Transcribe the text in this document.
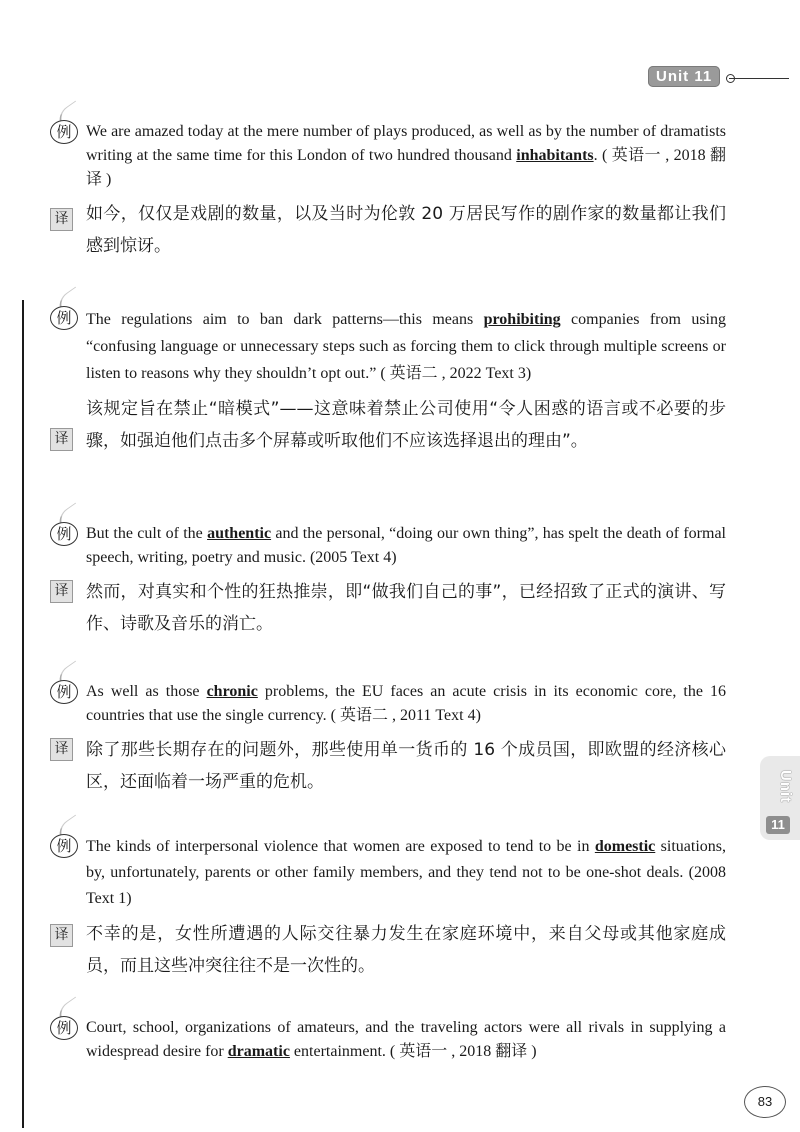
Unit 11
Unit
11
例 We are amazed today at the mere number of plays produced, as well as by the number of dramatists writing at the same time for this London of two hundred thousand inhabitants. ( 英语一 , 2018 翻译 )
译 如今，仅仅是戏剧的数量，以及当时为伦敦 20 万居民写作的剧作家的数量都让我们感到惊讶。
例 The regulations aim to ban dark patterns—this means prohibiting companies from using “confusing language or unnecessary steps such as forcing them to click through multiple screens or listen to reasons why they shouldn’t opt out.” ( 英语二 , 2022 Text 3)
译
该规定旨在禁止“暗模式”——这意味着禁止公司使用“令人困惑的语言或不必要的步骤，如强迫他们点击多个屏幕或听取他们不应该选择退出的理由”。
例 But the cult of the authentic and the personal, “doing our own thing”, has spelt the death of formal speech, writing, poetry and music. (2005 Text 4)
译 然而，对真实和个性的狂热推崇，即“做我们自己的事”，已经招致了正式的演讲、写作、诗歌及音乐的消亡。
例 As well as those chronic problems, the EU faces an acute crisis in its economic core, the 16 countries that use the single currency. ( 英语二 , 2011 Text 4)
译 除了那些长期存在的问题外，那些使用单一货币的 16 个成员国，即欧盟的经济核心区，还面临着一场严重的危机。
例 The kinds of interpersonal violence that women are exposed to tend to be in domestic situations, by, unfortunately, parents or other family members, and they tend not to be one-shot deals. (2008 Text 1)
译 不幸的是，女性所遭遇的人际交往暴力发生在家庭环境中，来自父母或其他家庭成员，而且这些冲突往往不是一次性的。
例 Court, school, organizations of amateurs, and the traveling actors were all rivals in supplying a widespread desire for dramatic entertainment. ( 英语一 , 2018 翻译 )
83
